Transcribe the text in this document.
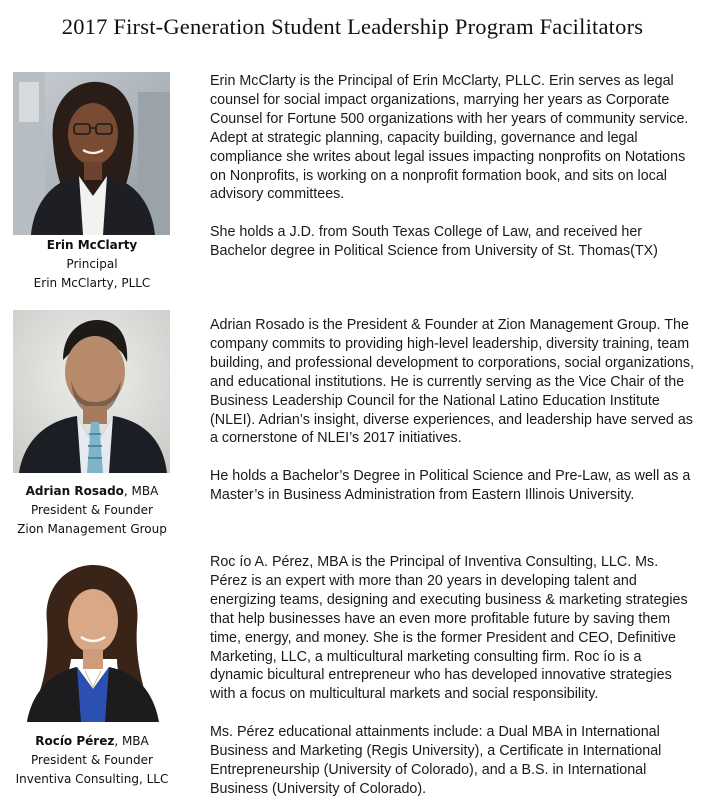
2017 First-Generation Student Leadership Program Facilitators
Erin McClarty
Principal
Erin McClarty, PLLC

Erin McClarty is the Principal of Erin McClarty, PLLC. Erin serves as legal counsel for social impact organizations, marrying her years as Corporate Counsel for Fortune 500 organizations with her years of community service. Adept at strategic planning, capacity building, governance and legal compliance she writes about legal issues impacting nonprofits on Notations on Nonprofits, is working on a nonprofit formation book, and sits on local advisory committees.

She holds a J.D. from South Texas College of Law, and received her Bachelor degree in Political Science from University of St. Thomas(TX)

Adrian Rosado, MBA
President & Founder
Zion Management Group

Adrian Rosado is the President & Founder at Zion Management Group. The company commits to providing high-level leadership, diversity training, team building, and professional development to corporations, social organizations, and educational institutions. He is currently serving as the Vice Chair of the Business Leadership Council for the National Latino Education Institute (NLEI). Adrian’s insight, diverse experiences, and leadership have served as a cornerstone of NLEI’s 2017 initiatives.

He holds a Bachelor’s Degree in Political Science and Pre-Law, as well as a Master’s in Business Administration from Eastern Illinois University.

Rocío Pérez, MBA
President & Founder
Inventiva Consulting, LLC

Roc ío A. Pérez, MBA is the Principal of Inventiva Consulting, LLC. Ms. Pérez is an expert with more than 20 years in developing talent and energizing teams, designing and executing business & marketing strategies that help businesses have an even more profitable future by saving them time, energy, and money. She is the former President and CEO, Definitive Marketing, LLC, a multicultural marketing consulting firm. Roc ío is a dynamic bicultural entrepreneur who has developed innovative strategies with a focus on multicultural markets and social responsibility.

Ms. Pérez educational attainments include: a Dual MBA in International Business and Marketing (Regis University), a Certificate in International Entrepreneurship (University of Colorado), and a B.S. in International Business (University of Colorado).
